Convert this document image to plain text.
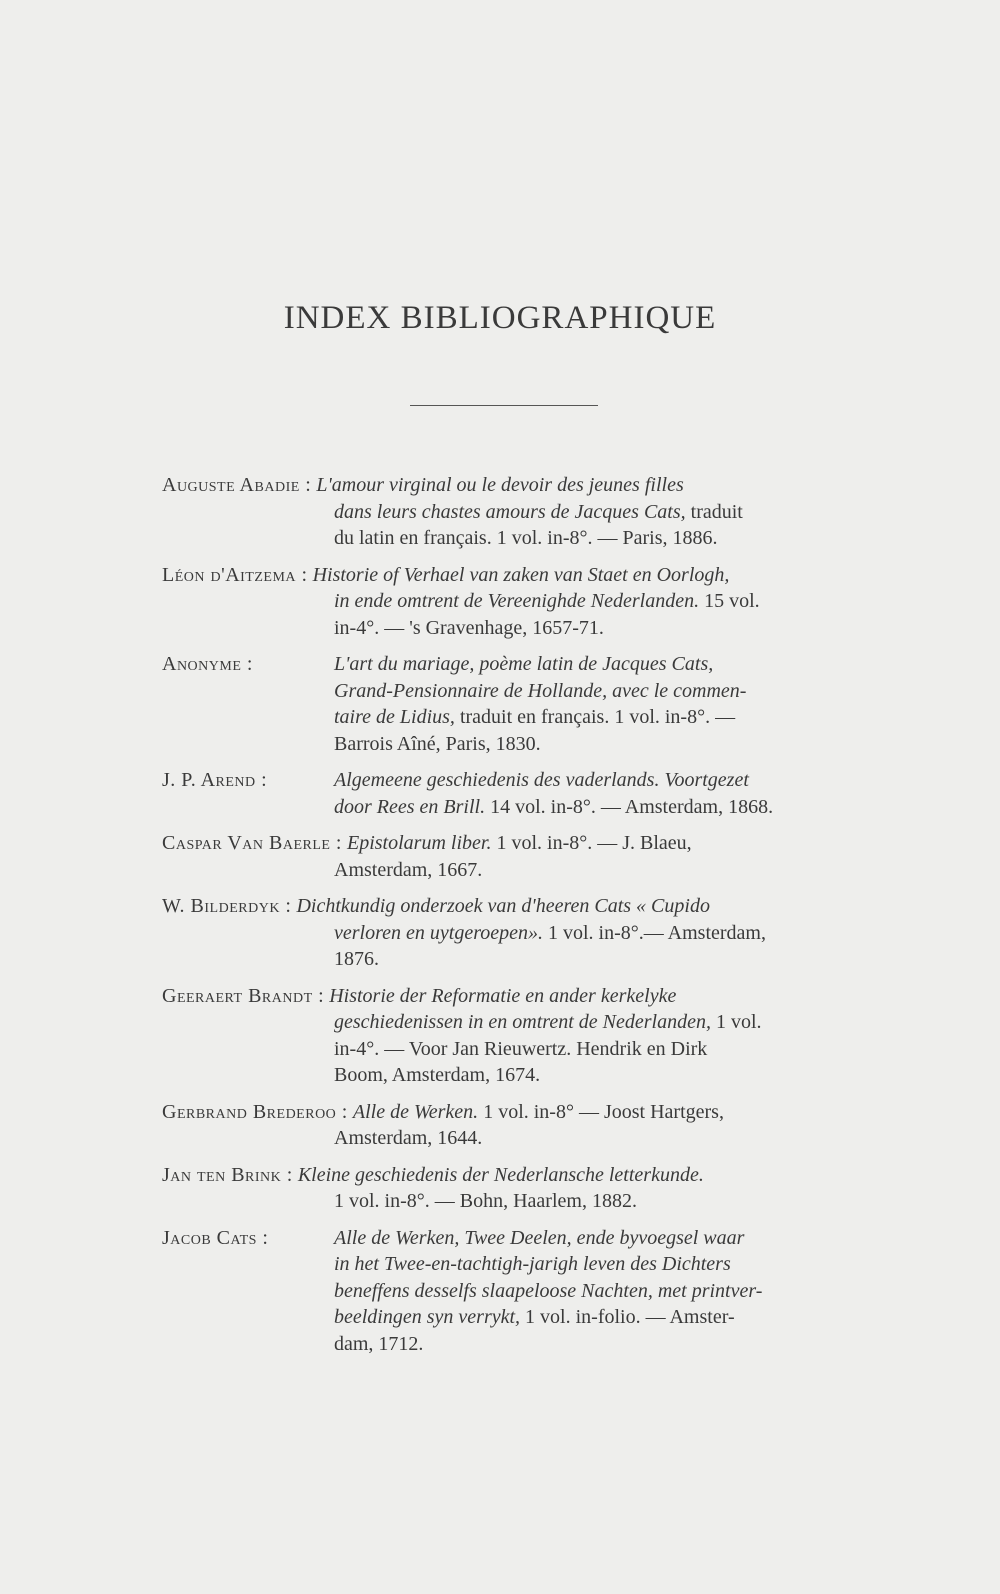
INDEX BIBLIOGRAPHIQUE
Auguste Abadie : L'amour virginal ou le devoir des jeunes filles
dans leurs chastes amours de Jacques Cats, traduit
du latin en français. 1 vol. in-8°. — Paris, 1886.
Léon d'Aitzema : Historie of Verhael van zaken van Staet en Oorlogh,
in ende omtrent de Vereenighde Nederlanden. 15 vol.
in-4°. — 's Gravenhage, 1657-71.
Anonyme :	L'art du mariage, poème latin de Jacques Cats,
Grand-Pensionnaire de Hollande, avec le commen-
taire de Lidius, traduit en français. 1 vol. in-8°. —
Barrois Aîné, Paris, 1830.
J. P. Arend :	Algemeene geschiedenis des vaderlands. Voortgezet
door Rees en Brill. 14 vol. in-8°. — Amsterdam, 1868.
Caspar Van Baerle : Epistolarum liber. 1 vol. in-8°. — J. Blaeu,
Amsterdam, 1667.
W. Bilderdyk : Dichtkundig onderzoek van d'heeren Cats « Cupido
verloren en uytgeroepen». 1 vol. in-8°.— Amsterdam,
1876.
Geeraert Brandt : Historie der Reformatie en ander kerkelyke
geschiedenissen in en omtrent de Nederlanden, 1 vol.
in-4°. — Voor Jan Rieuwertz. Hendrik en Dirk
Boom, Amsterdam, 1674.
Gerbrand Brederoo : Alle de Werken. 1 vol. in-8° — Joost Hartgers,
Amsterdam, 1644.
Jan ten Brink : Kleine geschiedenis der Nederlansche letterkunde.
1 vol. in-8°. — Bohn, Haarlem, 1882.
Jacob Cats :	Alle de Werken, Twee Deelen, ende byvoegsel waar
in het Twee-en-tachtigh-jarigh leven des Dichters
beneffens desselfs slaapeloose Nachten, met printver-
beeldingen syn verrykt, 1 vol. in-folio. — Amster-
dam, 1712.
